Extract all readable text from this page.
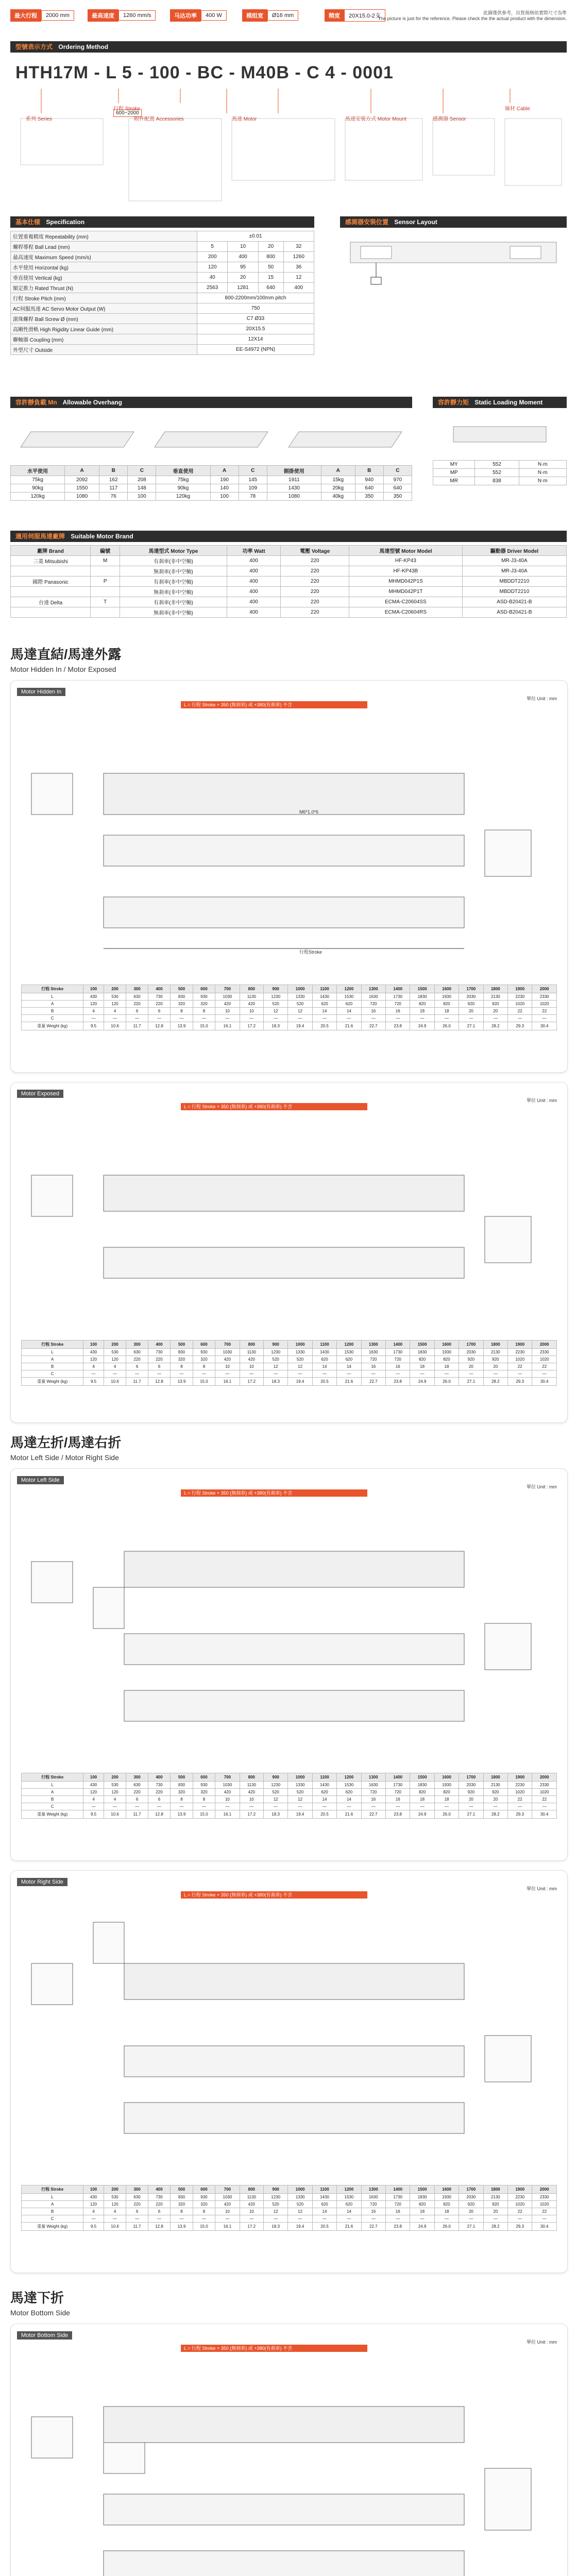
最大行程	2000 mm	最高速度	1260 mm/s	马达功率	400 W	模组宽	Ø16 mm	精度	20X15.0-2支	此圖僅供參考，出貨規格依實際尺寸為準
The picture is just for the reference. Please check the the actual product with the dimension.
型號表示方式 Ordering Method
HTH17M - L 5 - 100 - BC - M40B - C 4 - 0001
行程 Stroke
600~2000
線材 Cable
系列 Series	馬達 Motor	馬達安裝方式 Motor Mount	感測器 Sensor
附件配置 Accessories
基本仕様 Specification
位置重複精度 Repeatability (mm)	±0.01			
螺桿導程 Ball Lead (mm)	5	10	20	32
最高速度 Maximum Speed (mm/s)	200	400	800	1260
水平使用 Horizontal (kg)	120	95	50	36
垂直使用 Vertical (kg)	40	20	15	12
額定推力 Rated Thrust (N)	2563	1281	640	400
行程 Stroke Pitch (mm)	800-2200mm/100mm pitch			
AC伺服馬達 AC Servo Motor Output (W)	750			
滾珠螺桿 Ball Screw Ø (mm)	C7 Ø33			
高剛性滑軌 High Rigidity Linear Guide (mm)	20X15.5			
聯軸器 Coupling (mm)	12X14			
外型尺寸 Outside	EE-S4972 (NPN)			
感測器安裝位置 Sensor Layout
容許靜負載 Mn Allowable Overhang
水平使用	A	B	C	垂直使用	A	C	側掛使用	A	B	C
75kg	2092	162	208	75kg	190	145	1911	15kg	940	970
90kg	1550	117	148	90kg	140	109	1430	20kg	640	640
120kg	1080	76	100	120kg	100	78	1080	40kg	350	350
容許靜力矩 Static Loading Moment
MY	552	N·m
MP	552	N·m
MR	838	N·m
適用伺服馬達廠牌 Suitable Motor Brand
廠牌 Brand	編號	馬達型式 Motor Type	功率 Watt	電壓 Voltage	馬達型號 Motor Model	驅動器 Driver Model
三菱 Mitsubishi	M	有刹車(非中空軸)	400	220	HF-KP43	MR-J3-40A
		無刹車(非中空軸)	400	220	HF-KP43B	MR-J3-40A
國際 Panasonic	P	有刹車(非中空軸)	400	220	MHMD042P1S	MBDDT2210
		無刹車(非中空軸)	400	220	MHMD042P1T	MBDDT2210
台達 Delta	T	有刹車(非中空軸)	400	220	ECMA-C20604SS	ASD-B20421-B
		無刹車(非中空軸)	400	220	ECMA-C20604RS	ASD-B20421-B
馬達直結/馬達外露
Motor Hidden In / Motor Exposed
Motor Hidden In
L = 行程 Stroke + 350 (無刹車) 或 +380(有刹車) 不含
單位 Unit : mm
M6*1.0*6
行程Stroke
行程 Stroke	100	200	300	400	500	600	700	800	900	1000	1100	1200	1300	1400	1500	1600	1700	1800	1900	2000
L	430	530	630	730	830	930	1030	1130	1230	1330	1430	1530	1630	1730	1830	1930	2030	2130	2230	2330
A	120	120	220	220	320	320	420	420	520	520	620	620	720	720	820	820	920	920	1020	1020
B	4	4	6	6	8	8	10	10	12	12	14	14	16	16	18	18	20	20	22	22
C	—	—	—	—	—	—	—	—	—	—	—	—	—	—	—	—	—	—	—	—
重量 Weight (kg)	9.5	10.6	11.7	12.8	13.9	15.0	16.1	17.2	18.3	19.4	20.5	21.6	22.7	23.8	24.9	26.0	27.1	28.2	29.3	30.4
Motor Exposed
L = 行程 Stroke + 350 (無刹車) 或 +380(有刹車) 不含
單位 Unit : mm
行程 Stroke	100	200	300	400	500	600	700	800	900	1000	1100	1200	1300	1400	1500	1600	1700	1800	1900	2000
L	430	530	630	730	830	930	1030	1130	1230	1330	1430	1530	1630	1730	1830	1930	2030	2130	2230	2330
A	120	120	220	220	320	320	420	420	520	520	620	620	720	720	820	820	920	920	1020	1020
B	4	4	6	6	8	8	10	10	12	12	14	14	16	16	18	18	20	20	22	22
C	—	—	—	—	—	—	—	—	—	—	—	—	—	—	—	—	—	—	—	—
重量 Weight (kg)	9.5	10.6	11.7	12.8	13.9	15.0	16.1	17.2	18.3	19.4	20.5	21.6	22.7	23.8	24.9	26.0	27.1	28.2	29.3	30.4
馬達左折/馬達右折
Motor Left Side / Motor Right Side
Motor Left Side
L = 行程 Stroke + 350 (無刹車) 或 +380(有刹車) 不含
單位 Unit : mm
行程 Stroke	100	200	300	400	500	600	700	800	900	1000	1100	1200	1300	1400	1500	1600	1700	1800	1900	2000
L	430	530	630	730	830	930	1030	1130	1230	1330	1430	1530	1630	1730	1830	1930	2030	2130	2230	2330
A	120	120	220	220	320	320	420	420	520	520	620	620	720	720	820	820	920	920	1020	1020
B	4	4	6	6	8	8	10	10	12	12	14	14	16	16	18	18	20	20	22	22
C	—	—	—	—	—	—	—	—	—	—	—	—	—	—	—	—	—	—	—	—
重量 Weight (kg)	9.5	10.6	11.7	12.8	13.9	15.0	16.1	17.2	18.3	19.4	20.5	21.6	22.7	23.8	24.9	26.0	27.1	28.2	29.3	30.4
Motor Right Side
L = 行程 Stroke + 350 (無刹車) 或 +380(有刹車) 不含
單位 Unit : mm
行程 Stroke	100	200	300	400	500	600	700	800	900	1000	1100	1200	1300	1400	1500	1600	1700	1800	1900	2000
L	430	530	630	730	830	930	1030	1130	1230	1330	1430	1530	1630	1730	1830	1930	2030	2130	2230	2330
A	120	120	220	220	320	320	420	420	520	520	620	620	720	720	820	820	920	920	1020	1020
B	4	4	6	6	8	8	10	10	12	12	14	14	16	16	18	18	20	20	22	22
C	—	—	—	—	—	—	—	—	—	—	—	—	—	—	—	—	—	—	—	—
重量 Weight (kg)	9.5	10.6	11.7	12.8	13.9	15.0	16.1	17.2	18.3	19.4	20.5	21.6	22.7	23.8	24.9	26.0	27.1	28.2	29.3	30.4
馬達下折
Motor Bottom Side
Motor Bottom Side
L = 行程 Stroke + 350 (無刹車) 或 +380(有刹車) 不含
單位 Unit : mm
